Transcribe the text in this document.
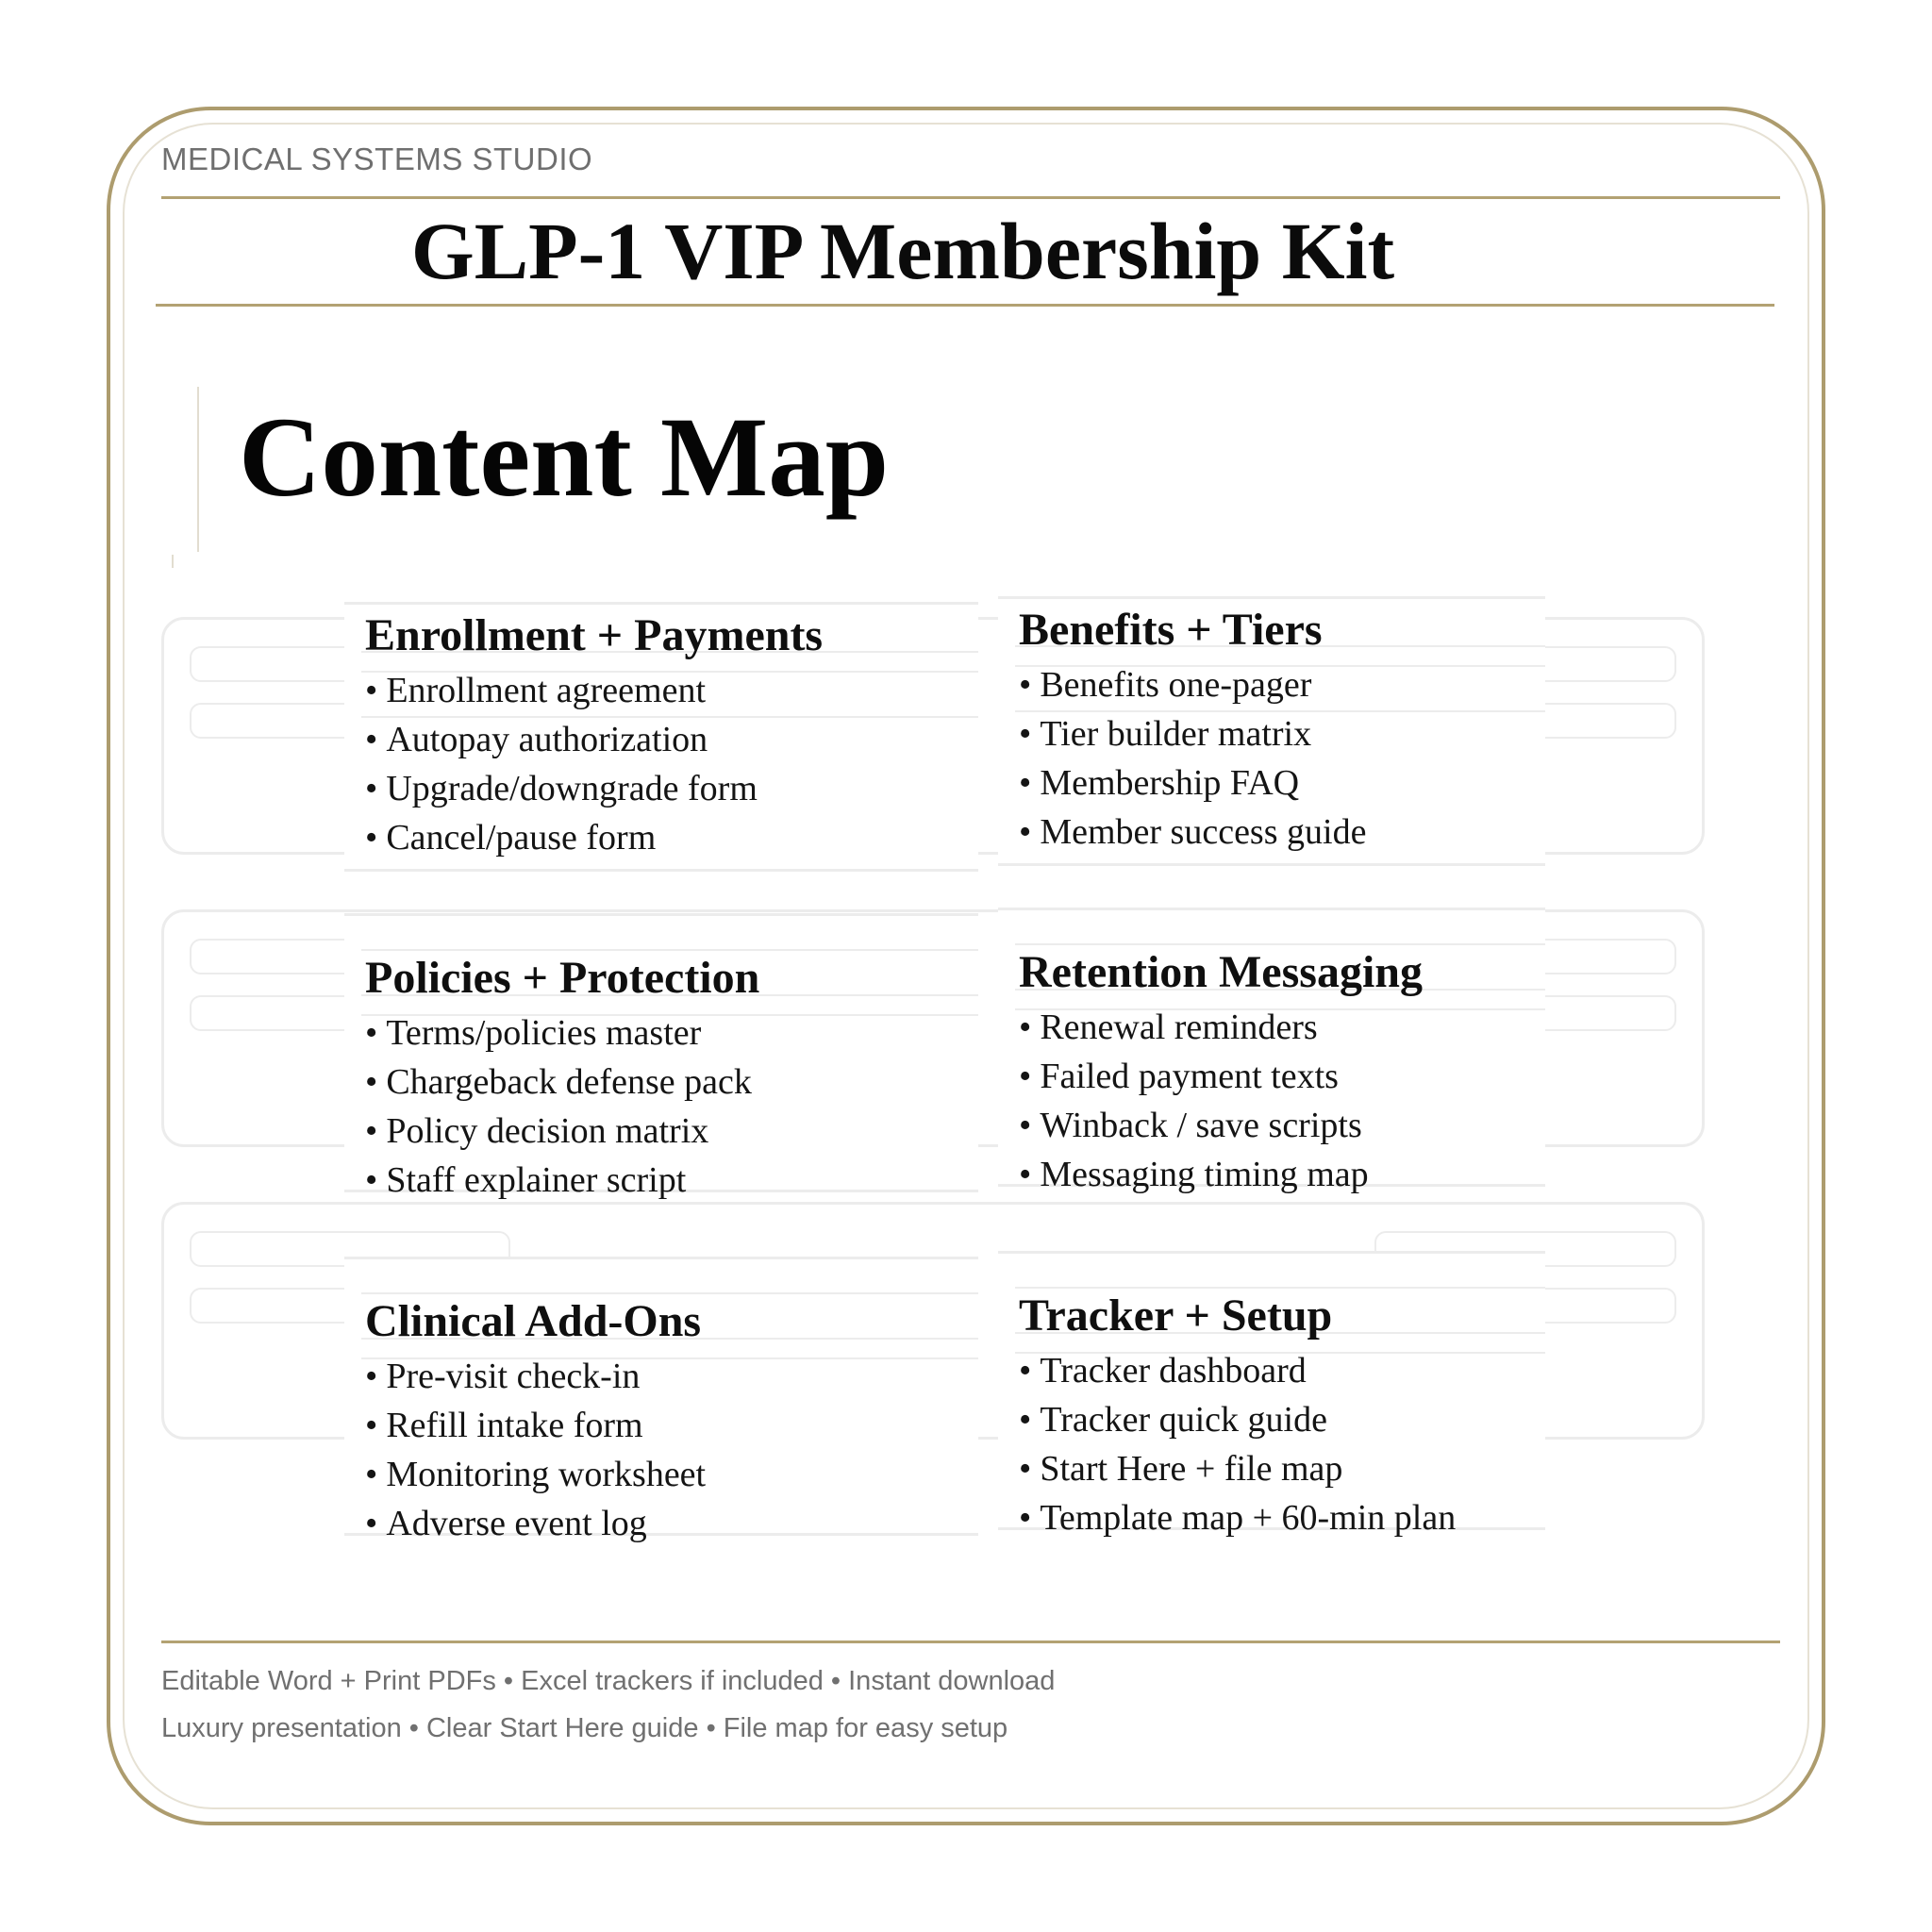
MEDICAL SYSTEMS STUDIO
GLP-1 VIP Membership Kit
Content Map
Enrollment + Payments
• Enrollment agreement
• Autopay authorization
• Upgrade/downgrade form
• Cancel/pause form
Benefits + Tiers
• Benefits one-pager
• Tier builder matrix
• Membership FAQ
• Member success guide
Policies + Protection
• Terms/policies master
• Chargeback defense pack
• Policy decision matrix
• Staff explainer script
Retention Messaging
• Renewal reminders
• Failed payment texts
• Winback / save scripts
• Messaging timing map
Clinical Add-Ons
• Pre-visit check-in
• Refill intake form
• Monitoring worksheet
• Adverse event log
Tracker + Setup
• Tracker dashboard
• Tracker quick guide
• Start Here + file map
• Template map + 60-min plan
Editable Word + Print PDFs • Excel trackers if included • Instant download
Luxury presentation • Clear Start Here guide • File map for easy setup
